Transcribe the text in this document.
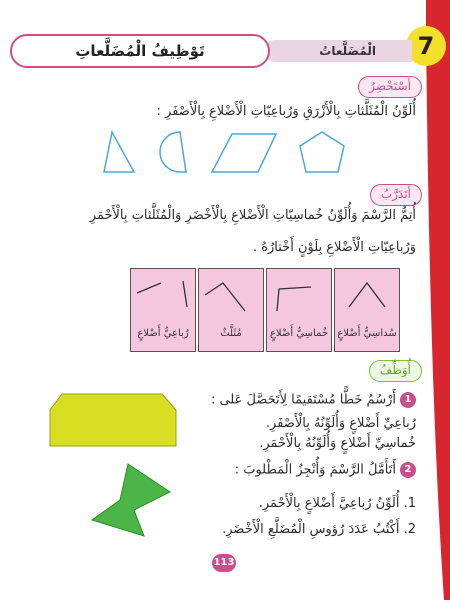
7
الْمُضَلَّعاتُ
تَوْظِيفُ الْمُضَلَّعاتِ
أَسْتَحْضِرُ
أُلَوِّنُ الْمُثَلَّثاتِ بِالْأَزْرَقِ وَرُباعِيّاتِ الْأَضْلاعِ بِالْأَصْفَرِ :
أَتَدَرَّبُ
أُتِمُّ الرَّسْمَ وَأُلَوِّنُ خُماسِيّاتِ الْأَضْلاعِ بِالْأَخْضَرِ وَالْمُثَلَّثاتِ بِالْأَحْمَرِ
وَرُباعِيّاتِ الْأَضْلاعِ بِلَوْنٍ أَخْتارُهُ .
سُداسِيُّ أَضْلاعٍ
خُماسِيُّ أَضْلاعٍ
مُثَلَّثٌ
رُباعِيُّ أَضْلاعٍ
أُوَظِّفُ
1أَرْسُمُ خَطًّا مُسْتَقيمًا لِأَتَحَصَّلَ عَلى :
رُباعِيِّ أَضْلاعٍ وَأُلَوِّنُهُ بِالْأَصْفَرِ.
خُماسِيِّ أَضْلاعٍ وَأُلَوِّنُهُ بِالْأَحْمَرِ.
2أَتَأَمَّلُ الرَّسْمَ وَأُنْجِزُ الْمَطْلوبَ :
1. أُلَوِّنُ رُباعِيَّ أَضْلاعٍ بِالْأَحْمَرِ.
2. أَكْتُبُ عَدَدَ رُؤوسِ الْمُضَلَّعِ الْأَخْضَرِ.
113
